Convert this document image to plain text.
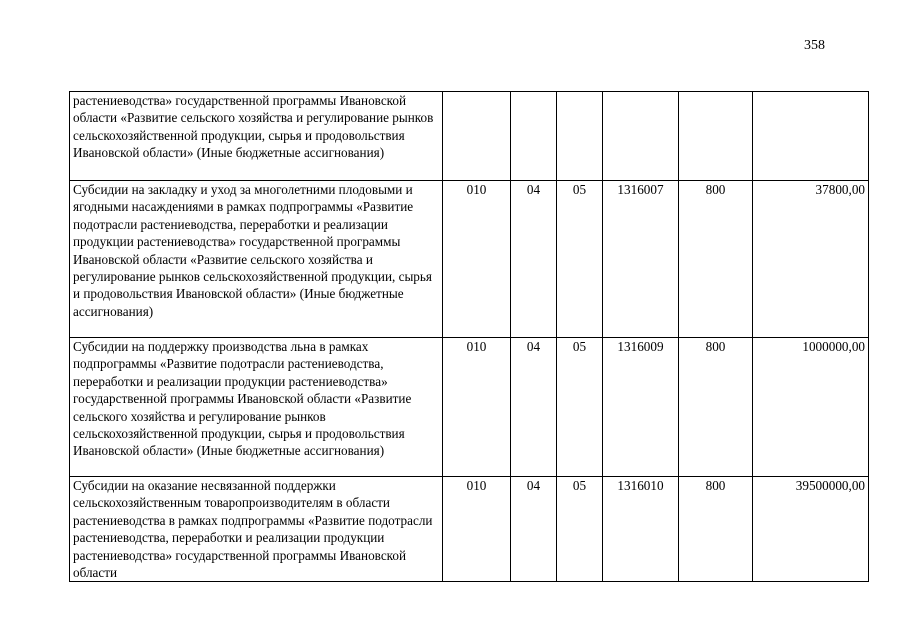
358
растениеводства» государственной программы Ивановской области «Развитие сельского хозяйства и регулирование рынков сельскохозяйственной продукции, сырья и продовольствия Ивановской области» (Иные бюджетные ассигнования)						
Субсидии на закладку и уход за многолетними плодовыми и ягодными насаждениями в рамках подпрограммы «Развитие подотрасли растениеводства, переработки и реализации продукции растениеводства» государственной программы Ивановской области «Развитие сельского хозяйства и регулирование рынков сельскохозяйственной продукции, сырья и продовольствия Ивановской области» (Иные бюджетные ассигнования)	010	04	05	1316007	800	37800,00
Субсидии на поддержку производства льна в рамках подпрограммы «Развитие подотрасли растениеводства, переработки и реализации продукции растениеводства» государственной программы Ивановской области «Развитие сельского хозяйства и регулирование рынков сельскохозяйственной продукции, сырья и продовольствия Ивановской области» (Иные бюджетные ассигнования)	010	04	05	1316009	800	1000000,00
Субсидии на оказание несвязанной поддержки сельскохозяйственным товаропроизводителям в области растениеводства в рамках подпрограммы «Развитие подотрасли растениеводства, переработки и реализации продукции растениеводства» государственной программы Ивановской области	010	04	05	1316010	800	39500000,00
